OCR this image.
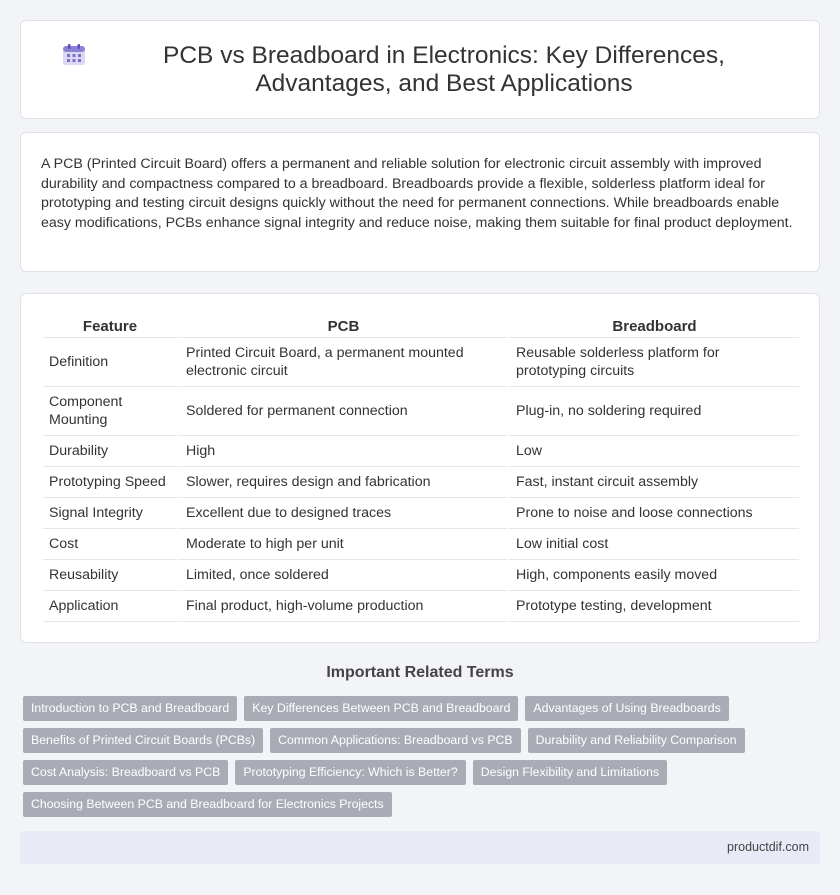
PCB vs Breadboard in Electronics: Key Differences, Advantages, and Best Applications

A PCB (Printed Circuit Board) offers a permanent and reliable solution for electronic circuit assembly with improved durability and compactness compared to a breadboard. Breadboards provide a flexible, solderless platform ideal for prototyping and testing circuit designs quickly without the need for permanent connections. While breadboards enable easy modifications, PCBs enhance signal integrity and reduce noise, making them suitable for final product deployment.

Feature	PCB	Breadboard
Definition	Printed Circuit Board, a permanent mounted electronic circuit	Reusable solderless platform for prototyping circuits
Component Mounting	Soldered for permanent connection	Plug-in, no soldering required
Durability	High	Low
Prototyping Speed	Slower, requires design and fabrication	Fast, instant circuit assembly
Signal Integrity	Excellent due to designed traces	Prone to noise and loose connections
Cost	Moderate to high per unit	Low initial cost
Reusability	Limited, once soldered	High, components easily moved
Application	Final product, high-volume production	Prototype testing, development
Important Related Terms
Introduction to PCB and Breadboard	Key Differences Between PCB and Breadboard	Advantages of Using Breadboards
Benefits of Printed Circuit Boards (PCBs)	Common Applications: Breadboard vs PCB	Durability and Reliability Comparison
Cost Analysis: Breadboard vs PCB	Prototyping Efficiency: Which is Better?	Design Flexibility and Limitations
Choosing Between PCB and Breadboard for Electronics Projects
productdif.com
